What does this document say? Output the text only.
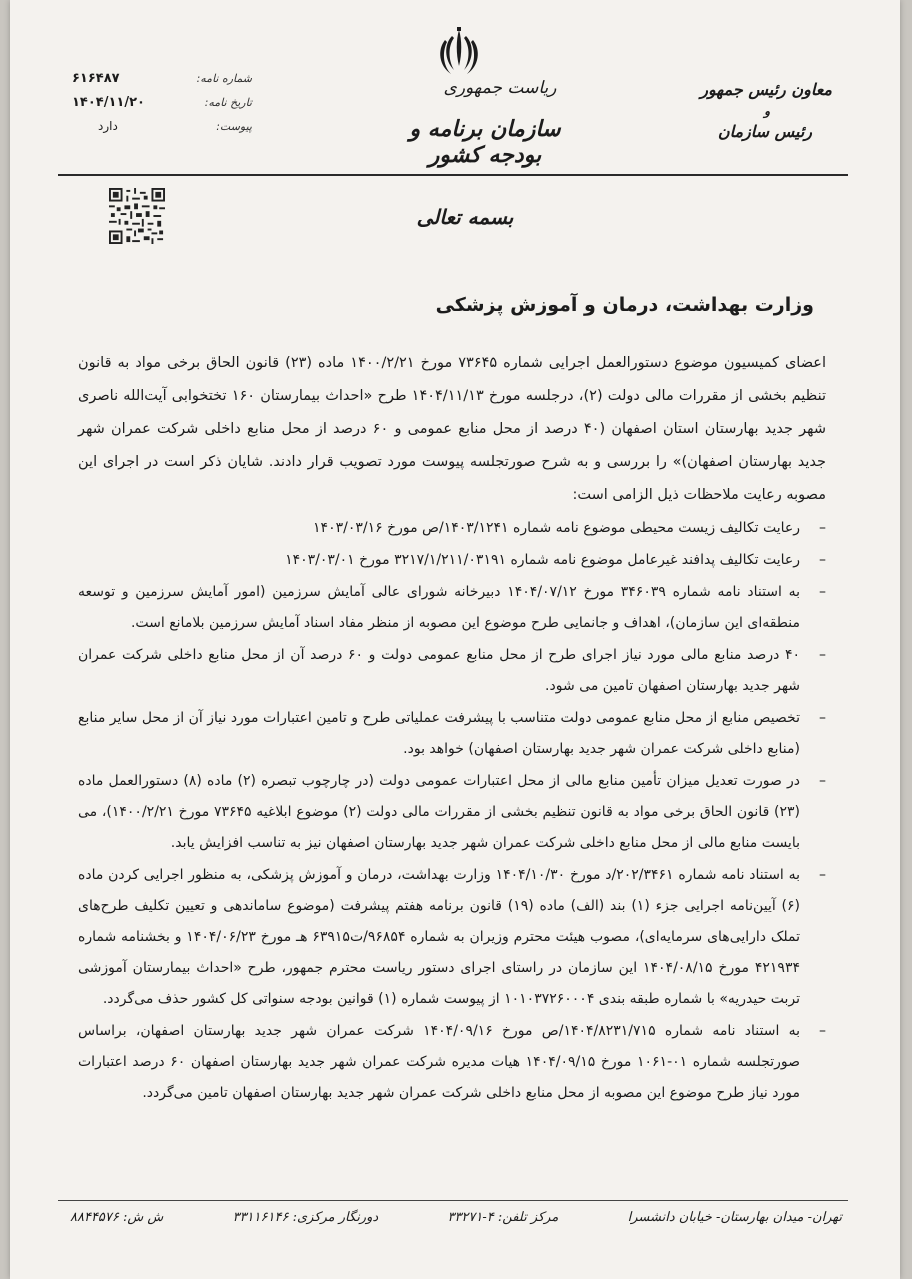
۶۱۶۴۸۷	شماره نامه:
۱۴۰۴/۱۱/۲۰	تاریخ نامه:
دارد	پیوست:
ریاست جمهوری
سازمان برنامه و بودجه کشور
معاون رئیس جمهور
و
رئیس سازمان
بسمه تعالی
وزارت بهداشت، درمان و آموزش پزشکی
اعضای کمیسیون موضوع دستورالعمل اجرایی شماره ۷۳۶۴۵ مورخ ۱۴۰۰/۲/۲۱ ماده (۲۳) قانون الحاق برخی مواد به قانون تنظیم بخشی از مقررات مالی دولت (۲)، درجلسه مورخ ۱۴۰۴/۱۱/۱۳ طرح «احداث بیمارستان ۱۶۰ تختخوابی آیت‌الله ناصری شهر جدید بهارستان استان اصفهان (۴۰ درصد از محل منابع عمومی و ۶۰ درصد از محل منابع داخلی شرکت عمران شهر جدید بهارستان اصفهان)» را بررسی و به شرح صورتجلسه پیوست مورد تصویب قرار دادند. شایان ذکر است در اجرای این مصوبه رعایت ملاحظات ذیل الزامی است:
–
رعایت تکالیف زیست محیطی موضوع نامه شماره ۱۴۰۳/۱۲۴۱/ص مورخ ۱۴۰۳/۰۳/۱۶
–
رعایت تکالیف پدافند غیرعامل موضوع نامه شماره ۳۲۱۷/۱/۲۱۱/۰۳۱۹۱ مورخ ۱۴۰۳/۰۳/۰۱
–
به استناد نامه شماره ۳۴۶۰۳۹ مورخ ۱۴۰۴/۰۷/۱۲ دبیرخانه شورای عالی آمایش سرزمین (امور آمایش سرزمین و توسعه منطقه‌ای این سازمان)، اهداف و جانمایی طرح موضوع این مصوبه از منظر مفاد اسناد آمایش سرزمین بلامانع است.
–
۴۰ درصد منابع مالی مورد نیاز اجرای طرح از محل منابع عمومی دولت و ۶۰ درصد آن از محل منابع داخلی شرکت عمران شهر جدید بهارستان اصفهان تامین می شود.
–
تخصیص منابع از محل منابع عمومی دولت متناسب با پیشرفت عملیاتی طرح و تامین اعتبارات مورد نیاز آن از محل سایر منابع (منابع داخلی شرکت عمران شهر جدید بهارستان اصفهان) خواهد بود.
–
در صورت تعدیل میزان تأمین منابع مالی از محل اعتبارات عمومی دولت (در چارچوب تبصره (۲) ماده (۸) دستورالعمل ماده (۲۳) قانون الحاق برخی مواد به قانون تنظیم بخشی از مقررات مالی دولت (۲) موضوع ابلاغیه ۷۳۶۴۵ مورخ ۱۴۰۰/۲/۲۱)، می بایست منابع مالی از محل منابع داخلی شرکت عمران شهر جدید بهارستان اصفهان نیز به تناسب افزایش یابد.
–
به استناد نامه شماره ۲۰۲/۳۴۶۱/د مورخ ۱۴۰۴/۱۰/۳۰ وزارت بهداشت، درمان و آموزش پزشکی، به منظور اجرایی کردن ماده (۶) آیین‌نامه اجرایی جزء (۱) بند (الف) ماده (۱۹) قانون برنامه هفتم پیشرفت (موضوع ساماندهی و تعیین تکلیف طرح‌های تملک دارایی‌های سرمایه‌ای)، مصوب هیئت محترم وزیران به شماره ۹۶۸۵۴/ت۶۳۹۱۵ هـ مورخ ۱۴۰۴/۰۶/۲۳ و بخشنامه شماره ۴۲۱۹۳۴ مورخ ۱۴۰۴/۰۸/۱۵ این سازمان در راستای اجرای دستور ریاست محترم جمهور، طرح «احداث بیمارستان آموزشی تربت حیدریه» با شماره طبقه بندی ۱۰۱۰۳۷۲۶۰۰۰۴ از پیوست شماره (۱) قوانین بودجه سنواتی کل کشور حذف می‌گردد.
–
به استناد نامه شماره ۱۴۰۴/۸۲۳۱/۷۱۵/ص مورخ ۱۴۰۴/۰۹/۱۶ شرکت عمران شهر جدید بهارستان اصفهان، براساس صورتجلسه شماره ۰۱-۱۰۶۱ مورخ ۱۴۰۴/۰۹/۱۵ هیات مدیره شرکت عمران شهر جدید بهارستان اصفهان ۶۰ درصد اعتبارات مورد نیاز طرح موضوع این مصوبه از محل منابع داخلی شرکت عمران شهر جدید بهارستان اصفهان تامین می‌گردد.
ش ش: ۸۸۴۴۵۷۶	دورنگار مرکزی: ۳۳۱۱۶۱۴۶	مرکز تلفن: ۴-۳۳۲۷۱	تهران- میدان بهارستان- خیابان دانشسرا
